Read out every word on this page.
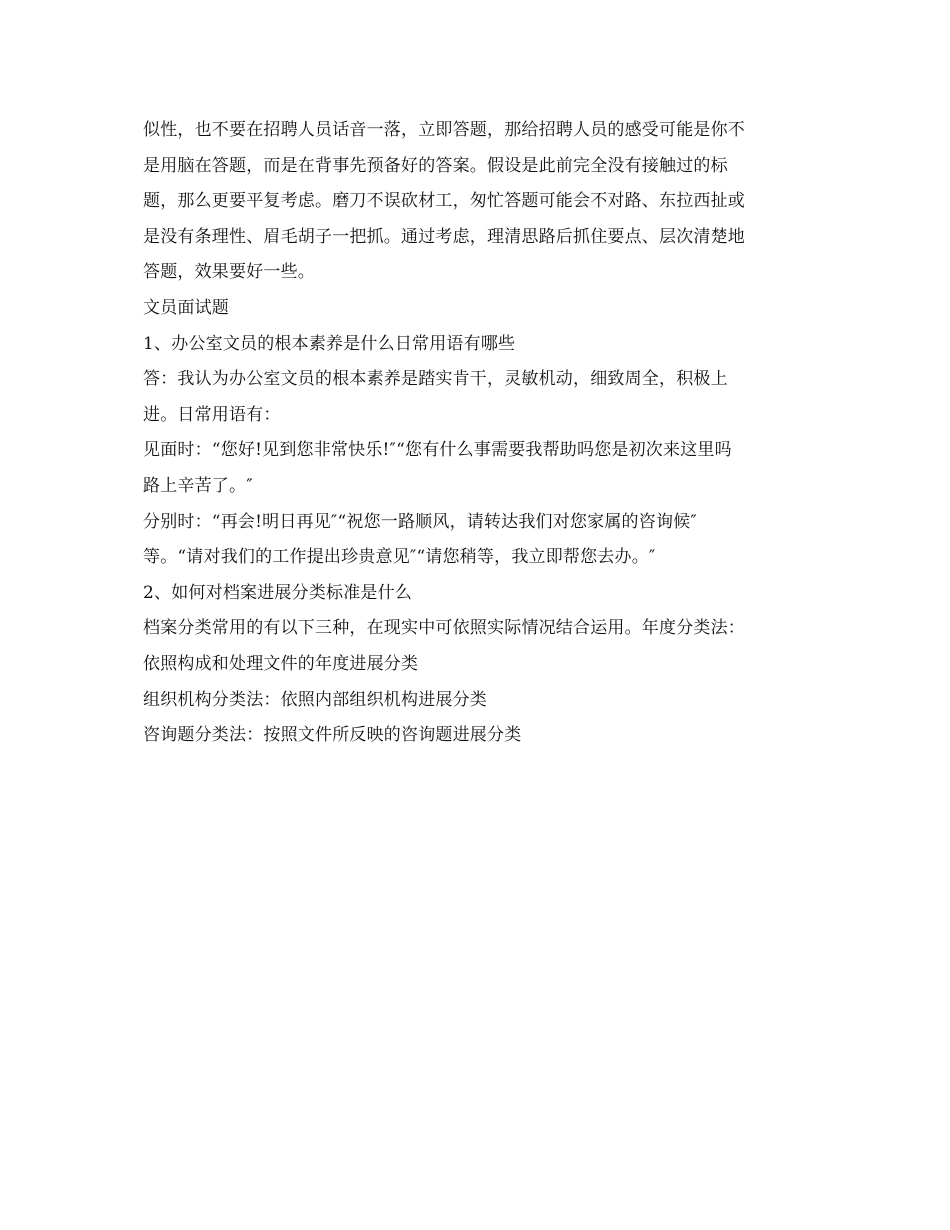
似性，也不要在招聘人员话音一落，立即答题，那给招聘人员的感受可能是你不
是用脑在答题，而是在背事先预备好的答案。假设是此前完全没有接触过的标
题，那么更要平复考虑。磨刀不误砍材工，匆忙答题可能会不对路、东拉西扯或
是没有条理性、眉毛胡子一把抓。通过考虑，理清思路后抓住要点、层次清楚地
答题，效果要好一些。
文员面试题
1、办公室文员的根本素养是什么日常用语有哪些
答：我认为办公室文员的根本素养是踏实肯干，灵敏机动，细致周全，积极上
进。日常用语有：
见面时：“您好!见到您非常快乐!″“您有什么事需要我帮助吗您是初次来这里吗
路上辛苦了。″
分别时：“再会!明日再见″“祝您一路顺风，请转达我们对您家属的咨询候″
等。“请对我们的工作提出珍贵意见″“请您稍等，我立即帮您去办。″
2、如何对档案进展分类标准是什么
档案分类常用的有以下三种，在现实中可依照实际情况结合运用。年度分类法：
依照构成和处理文件的年度进展分类
组织机构分类法：依照内部组织机构进展分类
咨询题分类法：按照文件所反映的咨询题进展分类
